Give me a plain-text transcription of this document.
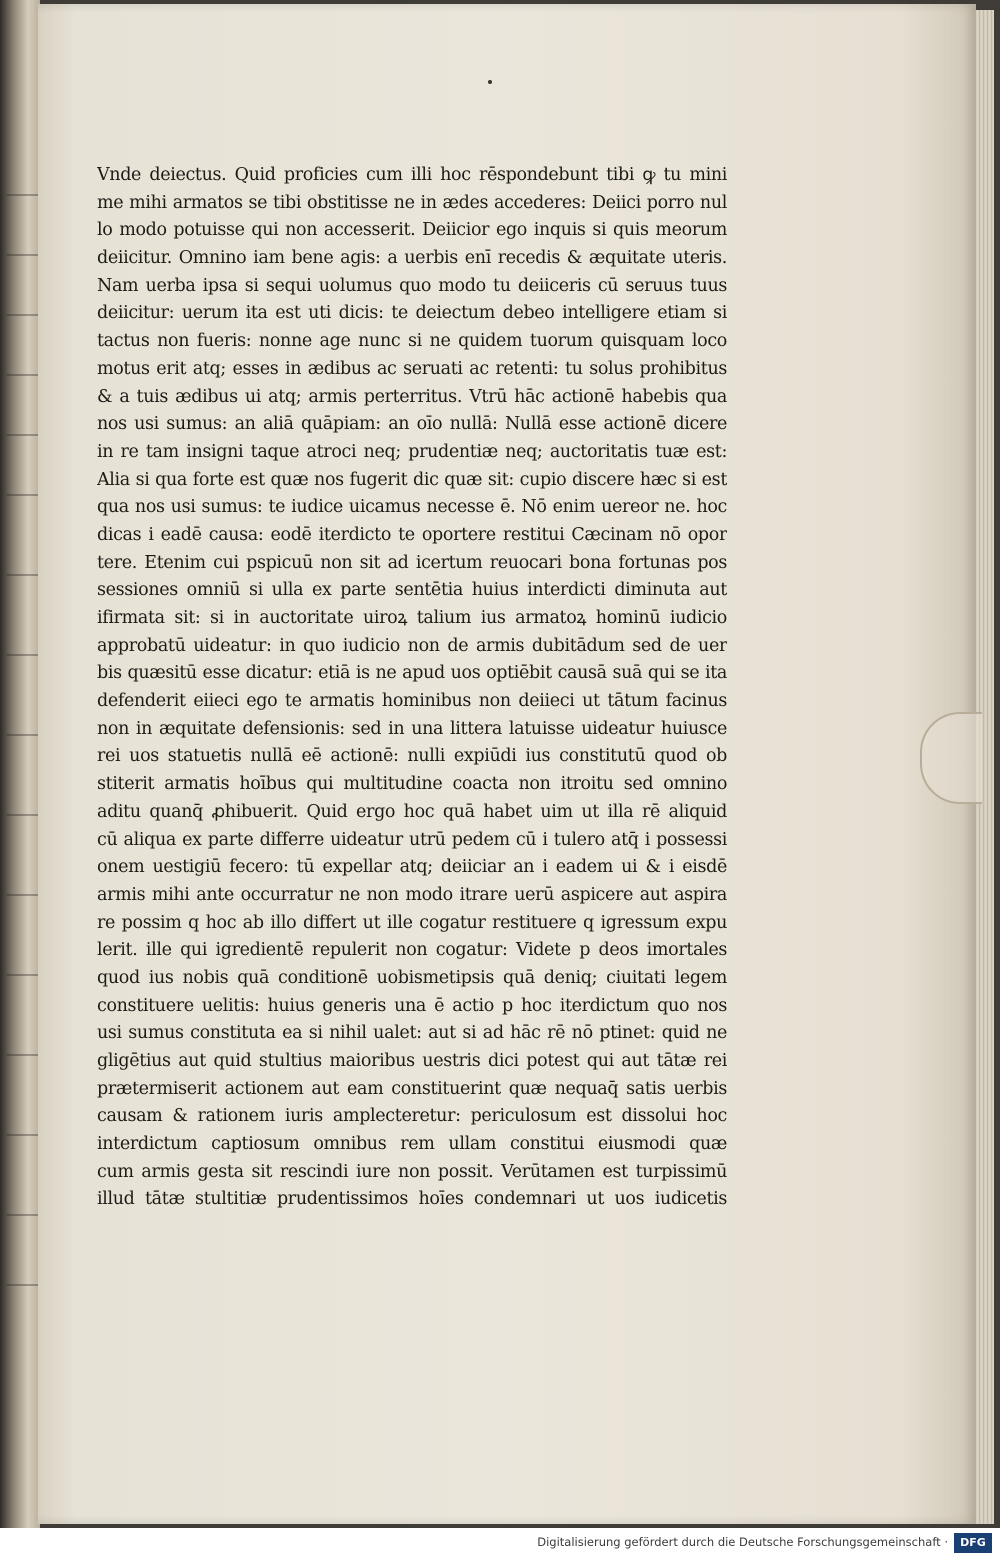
Vnde deiectus. Quid proficies cum illi hoc rēspondebunt tibi ꝙ tu mini
me mihi armatos se tibi obstitisse ne in ædes accederes: Deiici porro nul
lo modo potuisse qui non accesserit. Deiicior ego inquis si quis meorum
deiicitur. Omnino iam bene agis: a uerbis enī recedis & æquitate uteris.
Nam uerba ipsa si sequi uolumus quo modo tu deiiceris cū seruus tuus
deiicitur: uerum ita est uti dicis: te deiectum debeo intelligere etiam si
tactus non fueris: nonne age nunc si ne quidem tuorum quisquam loco
motus erit atq; esses in ædibus ac seruati ac retenti: tu solus prohibitus
& a tuis ædibus ui atq; armis perterritus. Vtrū hāc actionē habebis qua
nos usi sumus: an aliā quāpiam: an oīo nullā: Nullā esse actionē dicere
in re tam insigni taque atroci neq; prudentiæ neq; auctoritatis tuæ est:
Alia si qua forte est quæ nos fugerit dic quæ sit: cupio discere hæc si est
qua nos usi sumus: te iudice uicamus necesse ē. Nō enim uereor ne. hoc
dicas i eadē causa: eodē iterdicto te oportere restitui Cæcinam nō opor
tere. Etenim cui pspicuū non sit ad icertum reuocari bona fortunas pos
sessiones omniū si ulla ex parte sentētia huius interdicti diminuta aut
ifirmata sit: si in auctoritate uiroꝝ talium ius armatoꝝ hominū iudicio
approbatū uideatur: in quo iudicio non de armis dubitādum sed de uer
bis quæsitū esse dicatur: etiā is ne apud uos optiēbit causā suā qui se ita
defenderit eiieci ego te armatis hominibus non deiieci ut tātum facinus
non in æquitate defensionis: sed in una littera latuisse uideatur huiusce
rei uos statuetis nullā eē actionē: nulli expiūdi ius constitutū quod ob
stiterit armatis hoībus qui multitudine coacta non itroitu sed omnino
aditu quanq̄ ꝓhibuerit. Quid ergo hoc quā habet uim ut illa rē aliquid
cū aliqua ex parte differre uideatur utrū pedem cū i tulero atq̄ i possessi
onem uestigiū fecero: tū expellar atq; deiiciar an i eadem ui & i eisdē
armis mihi ante occurratur ne non modo itrare uerū aspicere aut aspira
re possim q hoc ab illo differt ut ille cogatur restituere q igressum expu
lerit. ille qui igredientē repulerit non cogatur: Videte p deos imortales
quod ius nobis quā conditionē uobismetipsis quā deniq; ciuitati legem
constituere uelitis: huius generis una ē actio p hoc iterdictum quo nos
usi sumus constituta ea si nihil ualet: aut si ad hāc rē nō ptinet: quid ne
gligētius aut quid stultius maioribus uestris dici potest qui aut tātæ rei
prætermiserit actionem aut eam constituerint quæ nequaq̄ satis uerbis
causam & rationem iuris amplecteretur: periculosum est dissolui hoc
interdictum captiosum omnibus rem ullam constitui eiusmodi quæ
cum armis gesta sit rescindi iure non possit. Verūtamen est turpissimū
illud tātæ stultitiæ prudentissimos hoīes condemnari ut uos iudicetis
Digitalisierung gefördert durch die Deutsche Forschungsgemeinschaft ·	DFG
